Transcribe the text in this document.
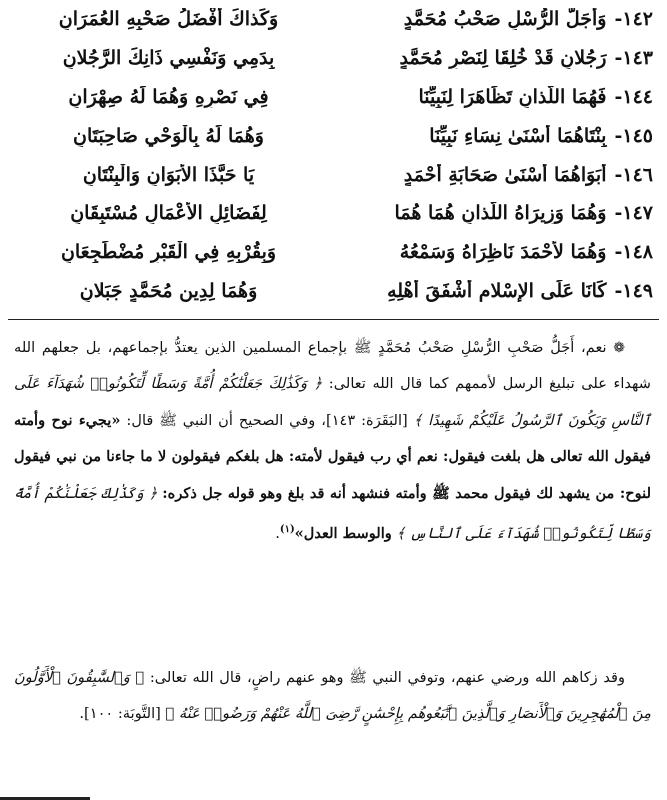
١٤٢-وَأجَلُّ الرُّسْلِ صَحْبُ مُحَمَّدٍ
وَكَذاكَ أَفْضَلُ صَحْبِهِ العُمَرَانِ
١٤٣-رَجُلانِ قَدْ خُلِقَا لِنَصْرِ مُحَمَّدٍ
بِدَمِي وَنَفْسِي ذَانِكَ الرَّجُلانِ
١٤٤-فَهُمَا اللَّذانِ تَظَاهَرَا لِنَبِيِّنَا
فِي نَصْرِهِ وَهُمَا لَهُ صِهْرَانِ
١٤٥-بِنْتَاهُمَا أَسْنَىٰ نِسَاءِ نَبِيِّنَا
وَهُمَا لَهُ بِالْوَحْيِ صَاحِبَتَانِ
١٤٦-أَبَوَاهُمَا أَسْنَىٰ صَحَابَةِ أَحْمَدٍ
يَا حَبَّذَا الأَبَوَانِ وَالْبِنْتَانِ
١٤٧-وَهُمَا وَزِيرَاهُ اللَّذانِ هُمَا هُمَا
لِفَضَائِلِ الأَعْمَالِ مُسْتَبِقَانِ
١٤٨-وَهُمَا لأَحْمَدَ نَاظِرَاهُ وَسَمْعُهُ
وَبِقُرْبِهِ فِي الْقَبْرِ مُضْطَجِعَانِ
١٤٩-كَانَا عَلَى الإِسْلامِ أَشْفَقَ أَهْلِهِ
وَهُمَا لِدِينِ مُحَمَّدٍ جَبَلانِ

❁ نعم، أَجَلُّ صَحْبِ الرُّسْلِ صَحْبُ مُحَمَّدٍ ﷺ بإجماع المسلمين الذين يعتدُّ بإجماعهم، بل جعلهم الله شهداء على تبليغ الرسل لأممهم كما قال الله تعالى: ﴿ وَكَذَٰلِكَ جَعَلْنَٰكُمْ أُمَّةً وَسَطًا لِّتَكُونُوا۟ شُهَدَآءَ عَلَى ٱلنَّاسِ وَيَكُونَ ٱلرَّسُولُ عَلَيْكُمْ شَهِيدًا ﴾ [البَقَرَة: ١٤٣]، وفي الصحيح أن النبي ﷺ قال: «يجيء نوح وأمته فيقول الله تعالى هل بلغت فيقول: نعم أي رب فيقول لأمته: هل بلغكم فيقولون لا ما جاءنا من نبي فيقول لنوح: من يشهد لك فيقول محمد ﷺ وأمته فنشهد أنه قد بلغ وهو قوله جل ذكره: ﴿ وَكَذَٰلِكَ جَعَلْنَٰكُمْ أُمَّةً وَسَطًا لِّتَكُونُوا۟ شُهَدَآءَ عَلَى ٱلنَّاسِ ﴾ والوسط العدل»$^{(١)}$.

وقد زكاهم الله ورضي عنهم، وتوفي النبي ﷺ وهو عنهم راضٍ، قال الله تعالى: ﴿ وَٱلسَّٰبِقُونَ ٱلْأَوَّلُونَ مِنَ ٱلْمُهَٰجِرِينَ وَٱلْأَنصَارِ وَٱلَّذِينَ ٱتَّبَعُوهُم بِإِحْسَٰنٍ رَّضِىَ ٱللَّهُ عَنْهُمْ وَرَضُوا۟ عَنْهُ ﴾ [التَّوبَة: ١٠٠].
